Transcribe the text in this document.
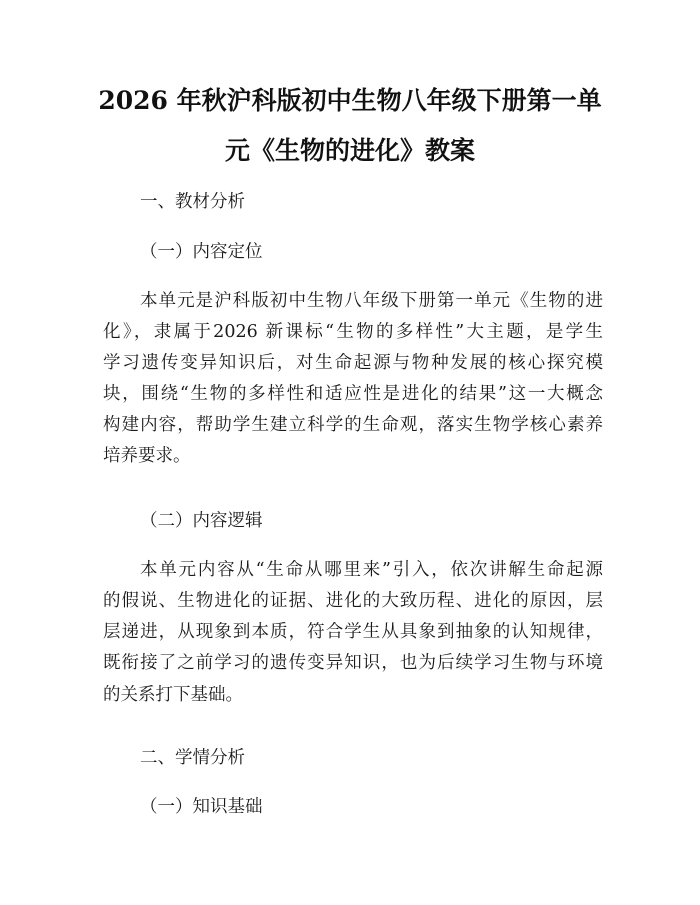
2026 年秋沪科版初中生物八年级下册第一单
元《生物的进化》教案
一、教材分析
（一）内容定位
本单元是沪科版初中生物八年级下册第一单元《生物的进
化》，隶属于2026 新课标“生物的多样性”大主题，是学生
学习遗传变异知识后，对生命起源与物种发展的核心探究模
块，围绕“生物的多样性和适应性是进化的结果”这一大概念
构建内容，帮助学生建立科学的生命观，落实生物学核心素养
培养要求。
（二）内容逻辑
本单元内容从“生命从哪里来”引入，依次讲解生命起源
的假说、生物进化的证据、进化的大致历程、进化的原因，层
层递进，从现象到本质，符合学生从具象到抽象的认知规律，
既衔接了之前学习的遗传变异知识，也为后续学习生物与环境
的关系打下基础。
二、学情分析
（一）知识基础
